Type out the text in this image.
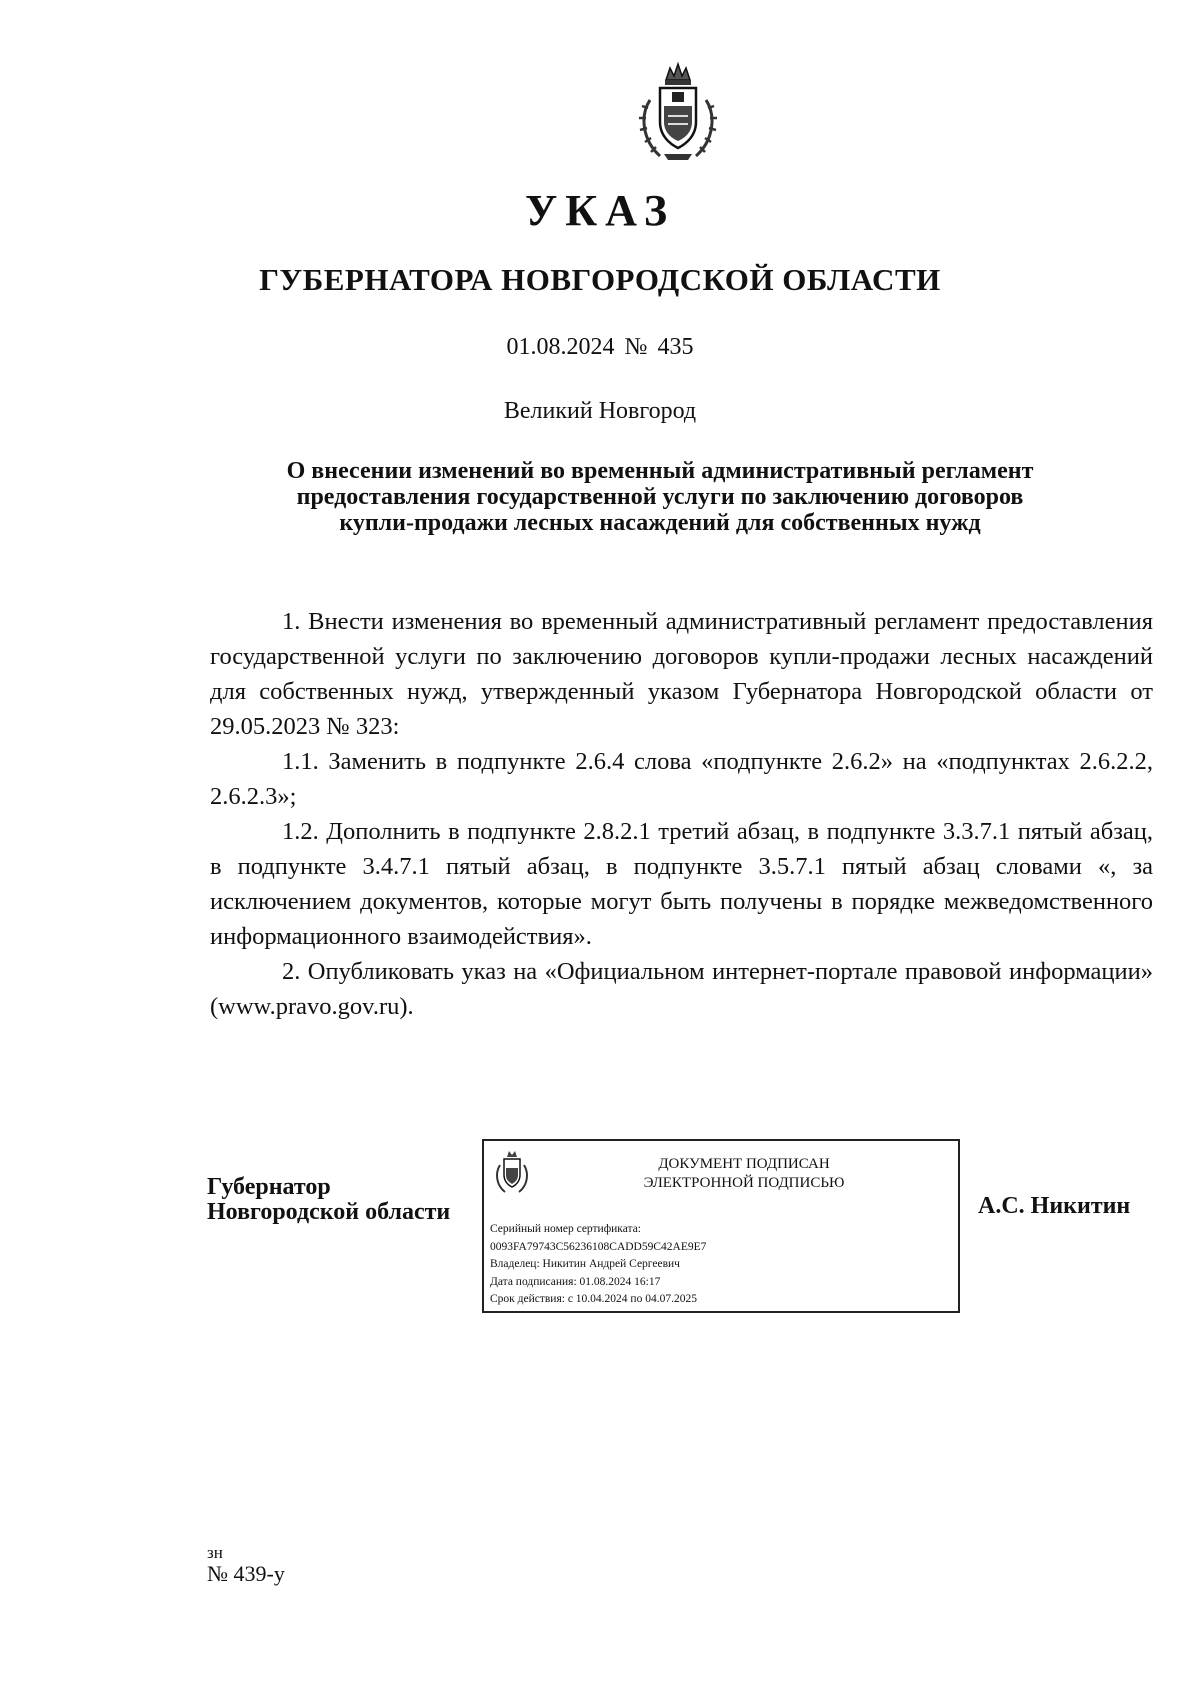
УКАЗ
ГУБЕРНАТОРА НОВГОРОДСКОЙ ОБЛАСТИ
01.08.2024 № 435
Великий Новгород
О внесении изменений во временный административный регламент
предоставления государственной услуги по заключению договоров
купли-продажи лесных насаждений для собственных нужд

1. Внести изменения во временный административный регламент предоставления государственной услуги по заключению договоров купли-продажи лесных насаждений для собственных нужд, утвержденный указом Губернатора Новгородской области от 29.05.2023 № 323:

1.1. Заменить в подпункте 2.6.4 слова «подпункте 2.6.2» на «подпунктах 2.6.2.2, 2.6.2.3»;

1.2. Дополнить в подпункте 2.8.2.1 третий абзац, в подпункте 3.3.7.1 пятый абзац, в подпункте 3.4.7.1 пятый абзац, в подпункте 3.5.7.1 пятый абзац словами «, за исключением документов, которые могут быть получены в порядке межведомственного информационного взаимодействия».

2. Опубликовать указ на «Официальном интернет-портале правовой информации» (www.pravo.gov.ru).

Губернатор
Новгородской области
ДОКУМЕНТ ПОДПИСАН
ЭЛЕКТРОННОЙ ПОДПИСЬЮ
Серийный номер сертификата:
0093FA79743C56236108CADD59C42AE9E7
Владелец: Никитин Андрей Сергеевич
Дата подписания: 01.08.2024 16:17
Срок действия: с 10.04.2024 по 04.07.2025
А.С. Никитин
зн
№ 439-у
